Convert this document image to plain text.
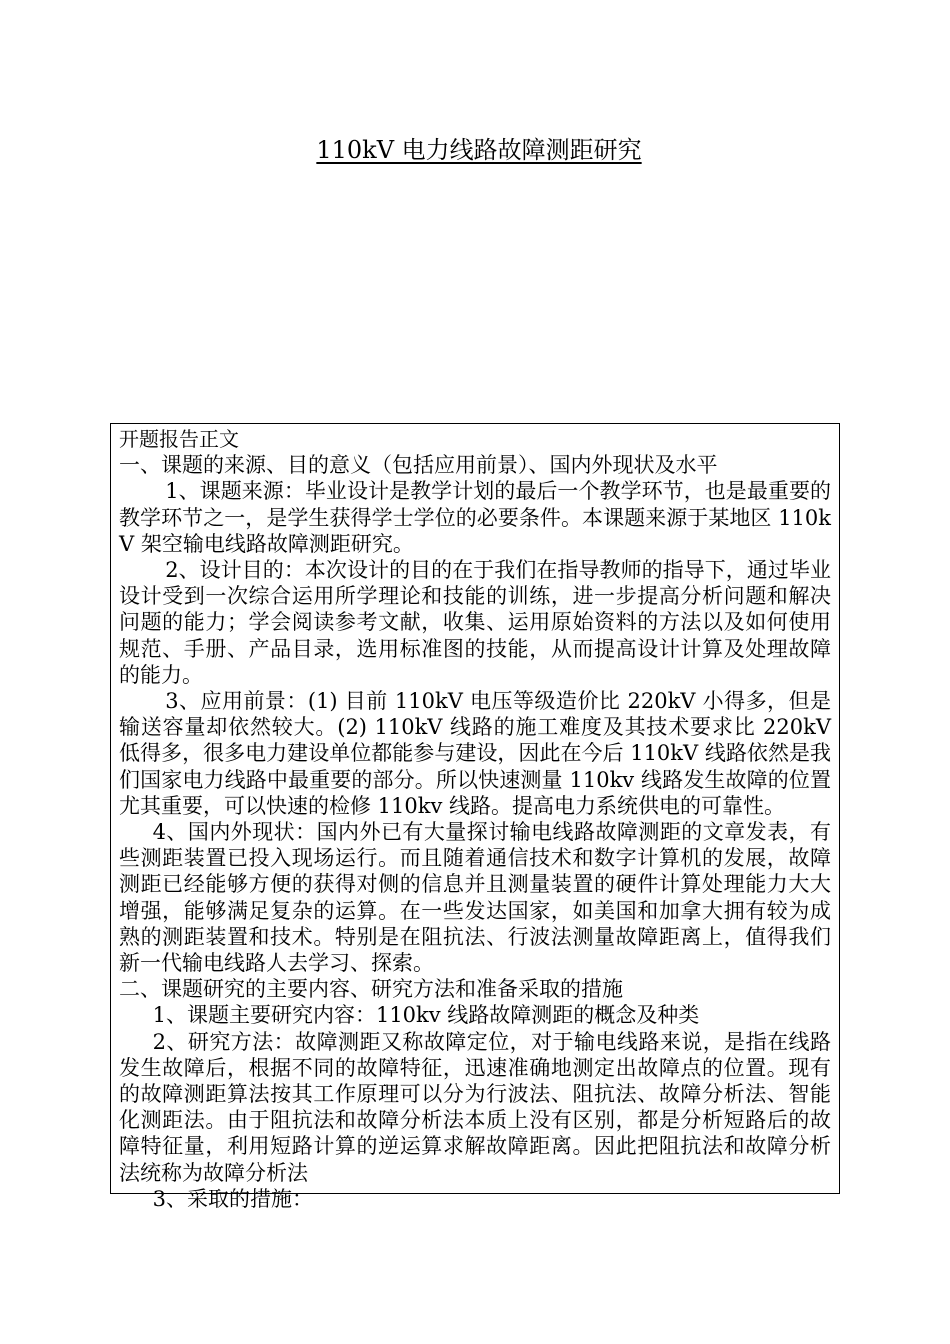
110kV 电力线路故障测距研究

开题报告正文

一、课题的来源、目的意义（包括应用前景）、国内外现状及水平

1、课题来源：毕业设计是教学计划的最后一个教学环节，也是最重要的教学环节之一，是学生获得学士学位的必要条件。本课题来源于某地区 110kV 架空输电线路故障测距研究。

2、设计目的：本次设计的目的在于我们在指导教师的指导下，通过毕业设计受到一次综合运用所学理论和技能的训练，进一步提高分析问题和解决问题的能力；学会阅读参考文献，收集、运用原始资料的方法以及如何使用规范、手册、产品目录，选用标准图的技能，从而提高设计计算及处理故障的能力。

3、应用前景：(1) 目前 110kV 电压等级造价比 220kV 小得多，但是输送容量却依然较大。(2) 110kV 线路的施工难度及其技术要求比 220kV 低得多，很多电力建设单位都能参与建设，因此在今后 110kV 线路依然是我们国家电力线路中最重要的部分。所以快速测量 110kv 线路发生故障的位置尤其重要，可以快速的检修 110kv 线路。提高电力系统供电的可靠性。

4、国内外现状：国内外已有大量探讨输电线路故障测距的文章发表，有些测距装置已投入现场运行。而且随着通信技术和数字计算机的发展，故障测距已经能够方便的获得对侧的信息并且测量装置的硬件计算处理能力大大增强，能够满足复杂的运算。在一些发达国家，如美国和加拿大拥有较为成熟的测距装置和技术。特别是在阻抗法、行波法测量故障距离上，值得我们新一代输电线路人去学习、探索。

二、课题研究的主要内容、研究方法和准备采取的措施

1、课题主要研究内容：110kv 线路故障测距的概念及种类

2、研究方法：故障测距又称故障定位，对于输电线路来说，是指在线路发生故障后，根据不同的故障特征，迅速准确地测定出故障点的位置。现有的故障测距算法按其工作原理可以分为行波法、阻抗法、故障分析法、智能化测距法。由于阻抗法和故障分析法本质上没有区别，都是分析短路后的故障特征量，利用短路计算的逆运算求解故障距离。因此把阻抗法和故障分析法统称为故障分析法

3、采取的措施：
